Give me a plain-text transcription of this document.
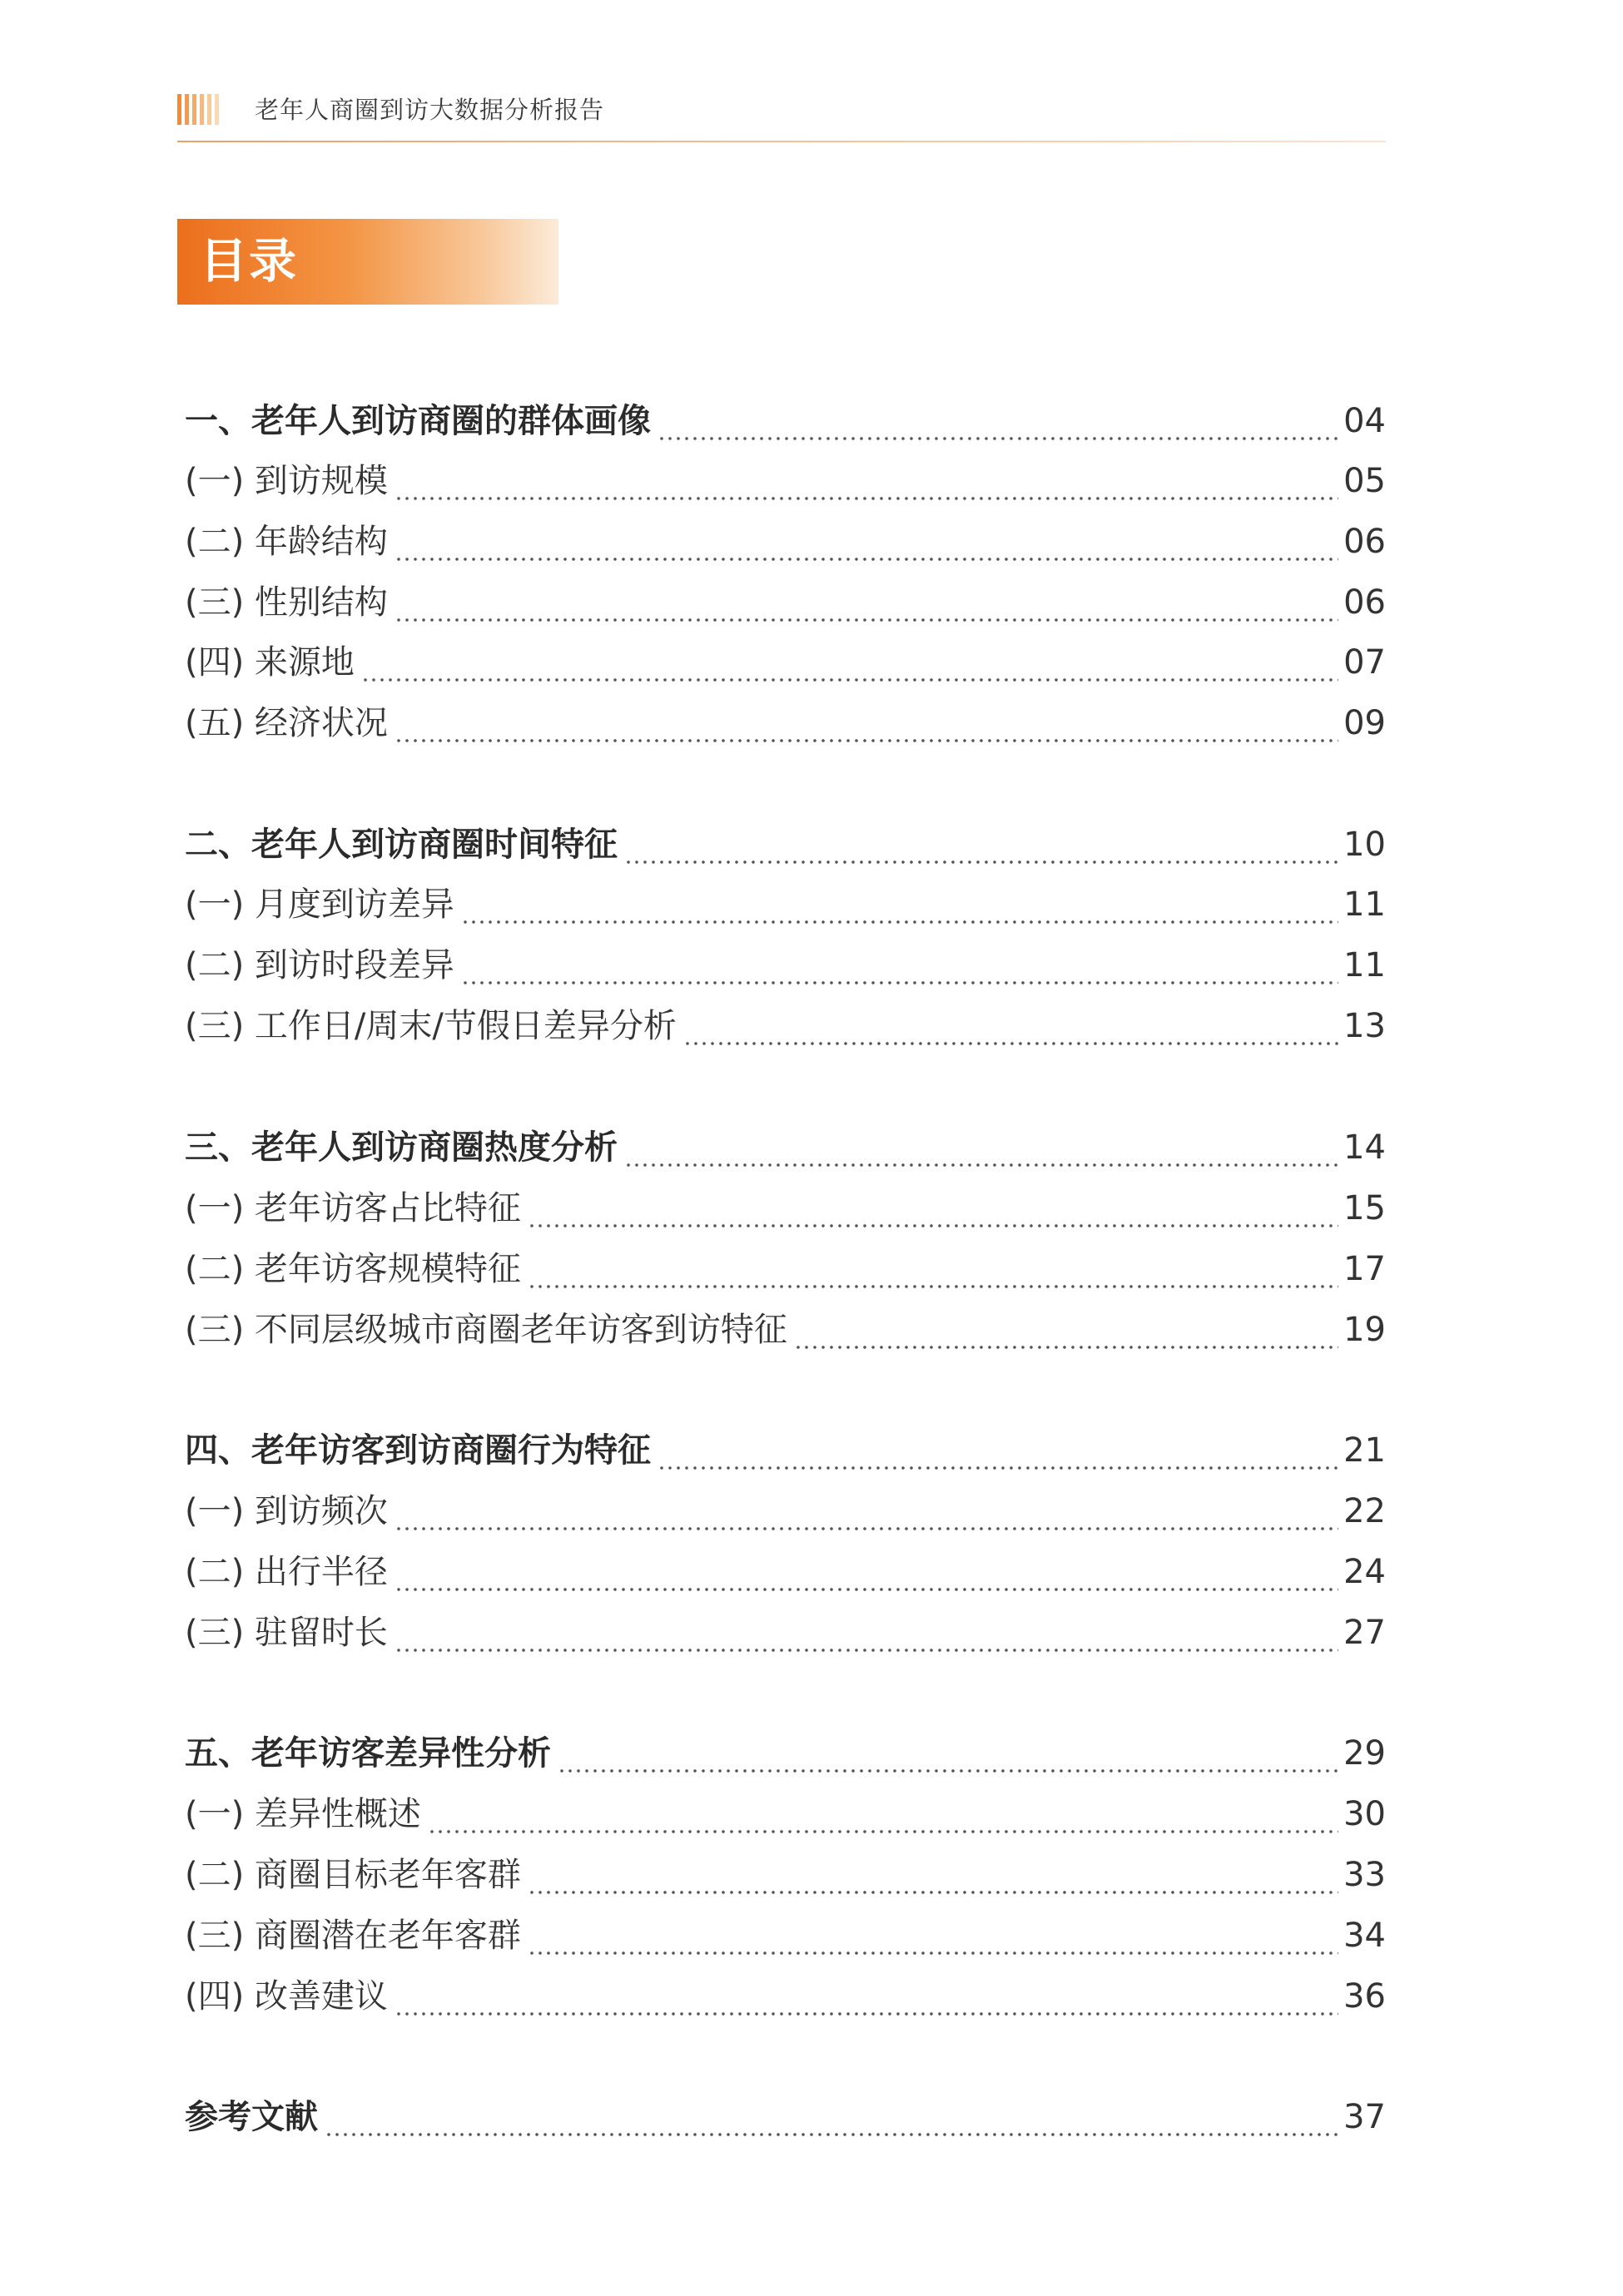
老年人商圈到访大数据分析报告
目录
一、老年人到访商圈的群体画像	04
(一) 到访规模	05
(二) 年龄结构	06
(三) 性别结构	06
(四) 来源地	07
(五) 经济状况	09
二、老年人到访商圈时间特征	10
(一) 月度到访差异	11
(二) 到访时段差异	11
(三) 工作日/周末/节假日差异分析	13
三、老年人到访商圈热度分析	14
(一) 老年访客占比特征	15
(二) 老年访客规模特征	17
(三) 不同层级城市商圈老年访客到访特征	19
四、老年访客到访商圈行为特征	21
(一) 到访频次	22
(二) 出行半径	24
(三) 驻留时长	27
五、老年访客差异性分析	29
(一) 差异性概述	30
(二) 商圈目标老年客群	33
(三) 商圈潜在老年客群	34
(四) 改善建议	36
参考文献	37
